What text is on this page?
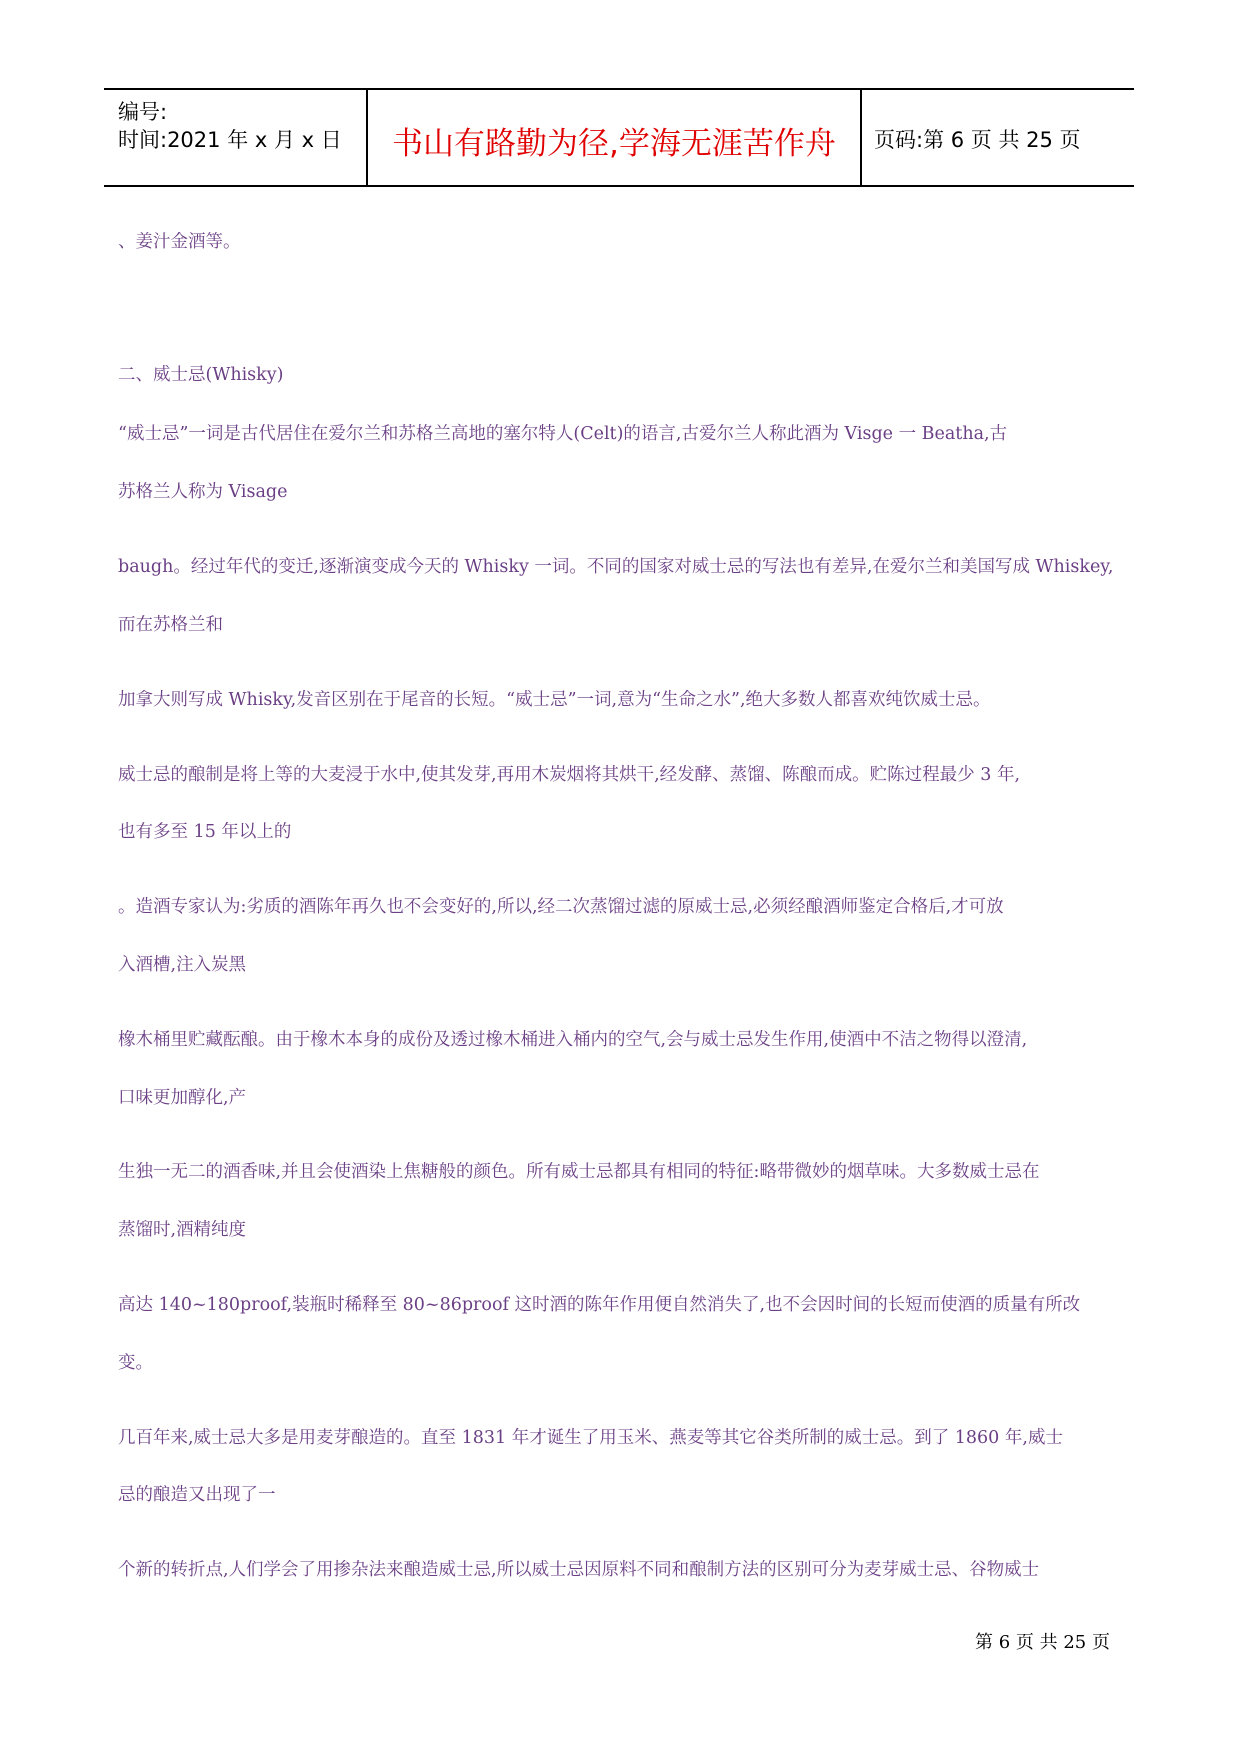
编号:
时间:2021 年 x 月 x 日	书山有路勤为径,学海无涯苦作舟	页码:第 6 页 共 25 页
、姜汁金酒等。
二、威士忌(Whisky)
“威士忌”一词是古代居住在爱尔兰和苏格兰高地的塞尔特人(Celt)的语言,古爱尔兰人称此酒为 Visge 一 Beatha,古
苏格兰人称为 Visage
baugh。经过年代的变迁,逐渐演变成今天的 Whisky 一词。不同的国家对威士忌的写法也有差异,在爱尔兰和美国写成 Whiskey,
而在苏格兰和
加拿大则写成 Whisky,发音区别在于尾音的长短。“威士忌”一词,意为“生命之水”,绝大多数人都喜欢纯饮威士忌。
威士忌的酿制是将上等的大麦浸于水中,使其发芽,再用木炭烟将其烘干,经发酵、蒸馏、陈酿而成。贮陈过程最少 3 年,
也有多至 15 年以上的
。造酒专家认为:劣质的酒陈年再久也不会变好的,所以,经二次蒸馏过滤的原威士忌,必须经酿酒师鉴定合格后,才可放
入酒槽,注入炭黑
橡木桶里贮藏酝酿。由于橡木本身的成份及透过橡木桶进入桶内的空气,会与威士忌发生作用,使酒中不洁之物得以澄清,
口味更加醇化,产
生独一无二的酒香味,并且会使酒染上焦糖般的颜色。所有威士忌都具有相同的特征:略带微妙的烟草味。大多数威士忌在
蒸馏时,酒精纯度
高达 140~180proof,装瓶时稀释至 80~86proof 这时酒的陈年作用便自然消失了,也不会因时间的长短而使酒的质量有所改
变。
几百年来,威士忌大多是用麦芽酿造的。直至 1831 年才诞生了用玉米、燕麦等其它谷类所制的威士忌。到了 1860 年,威士
忌的酿造又出现了一
个新的转折点,人们学会了用掺杂法来酿造威士忌,所以威士忌因原料不同和酿制方法的区别可分为麦芽威士忌、谷物威士
第 6 页 共 25 页
